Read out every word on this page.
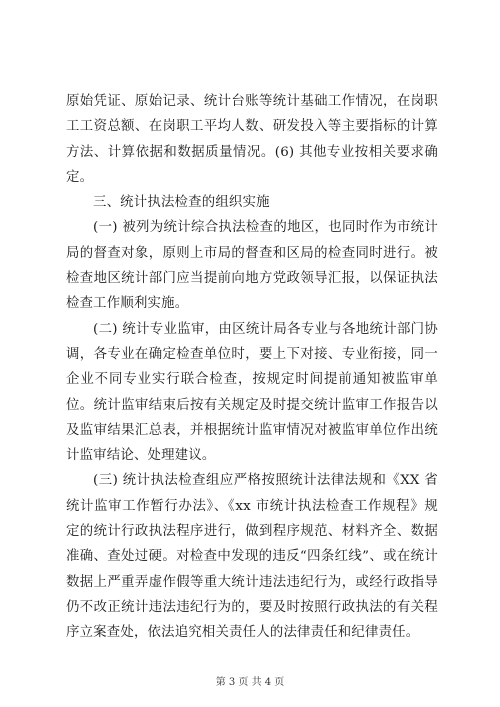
原始凭证、原始记录、统计台账等统计基础工作情况，在岗职工工资总额、在岗职工平均人数、研发投入等主要指标的计算方法、计算依据和数据质量情况。(6) 其他专业按相关要求确定。

三、统计执法检查的组织实施

(一) 被列为统计综合执法检查的地区，也同时作为市统计局的督查对象，原则上市局的督查和区局的检查同时进行。被检查地区统计部门应当提前向地方党政领导汇报，以保证执法检查工作顺利实施。

(二) 统计专业监审，由区统计局各专业与各地统计部门协调，各专业在确定检查单位时，要上下对接、专业衔接，同一企业不同专业实行联合检查，按规定时间提前通知被监审单位。统计监审结束后按有关规定及时提交统计监审工作报告以及监审结果汇总表，并根据统计监审情况对被监审单位作出统计监审结论、处理建议。

(三) 统计执法检查组应严格按照统计法律法规和《XX 省统计监审工作暂行办法》、《xx 市统计执法检查工作规程》规定的统计行政执法程序进行，做到程序规范、材料齐全、数据准确、查处过硬。对检查中发现的违反“四条红线”、或在统计数据上严重弄虚作假等重大统计违法违纪行为，或经行政指导仍不改正统计违法违纪行为的，要及时按照行政执法的有关程序立案查处，依法追究相关责任人的法律责任和纪律责任。

第 3 页 共 4 页
